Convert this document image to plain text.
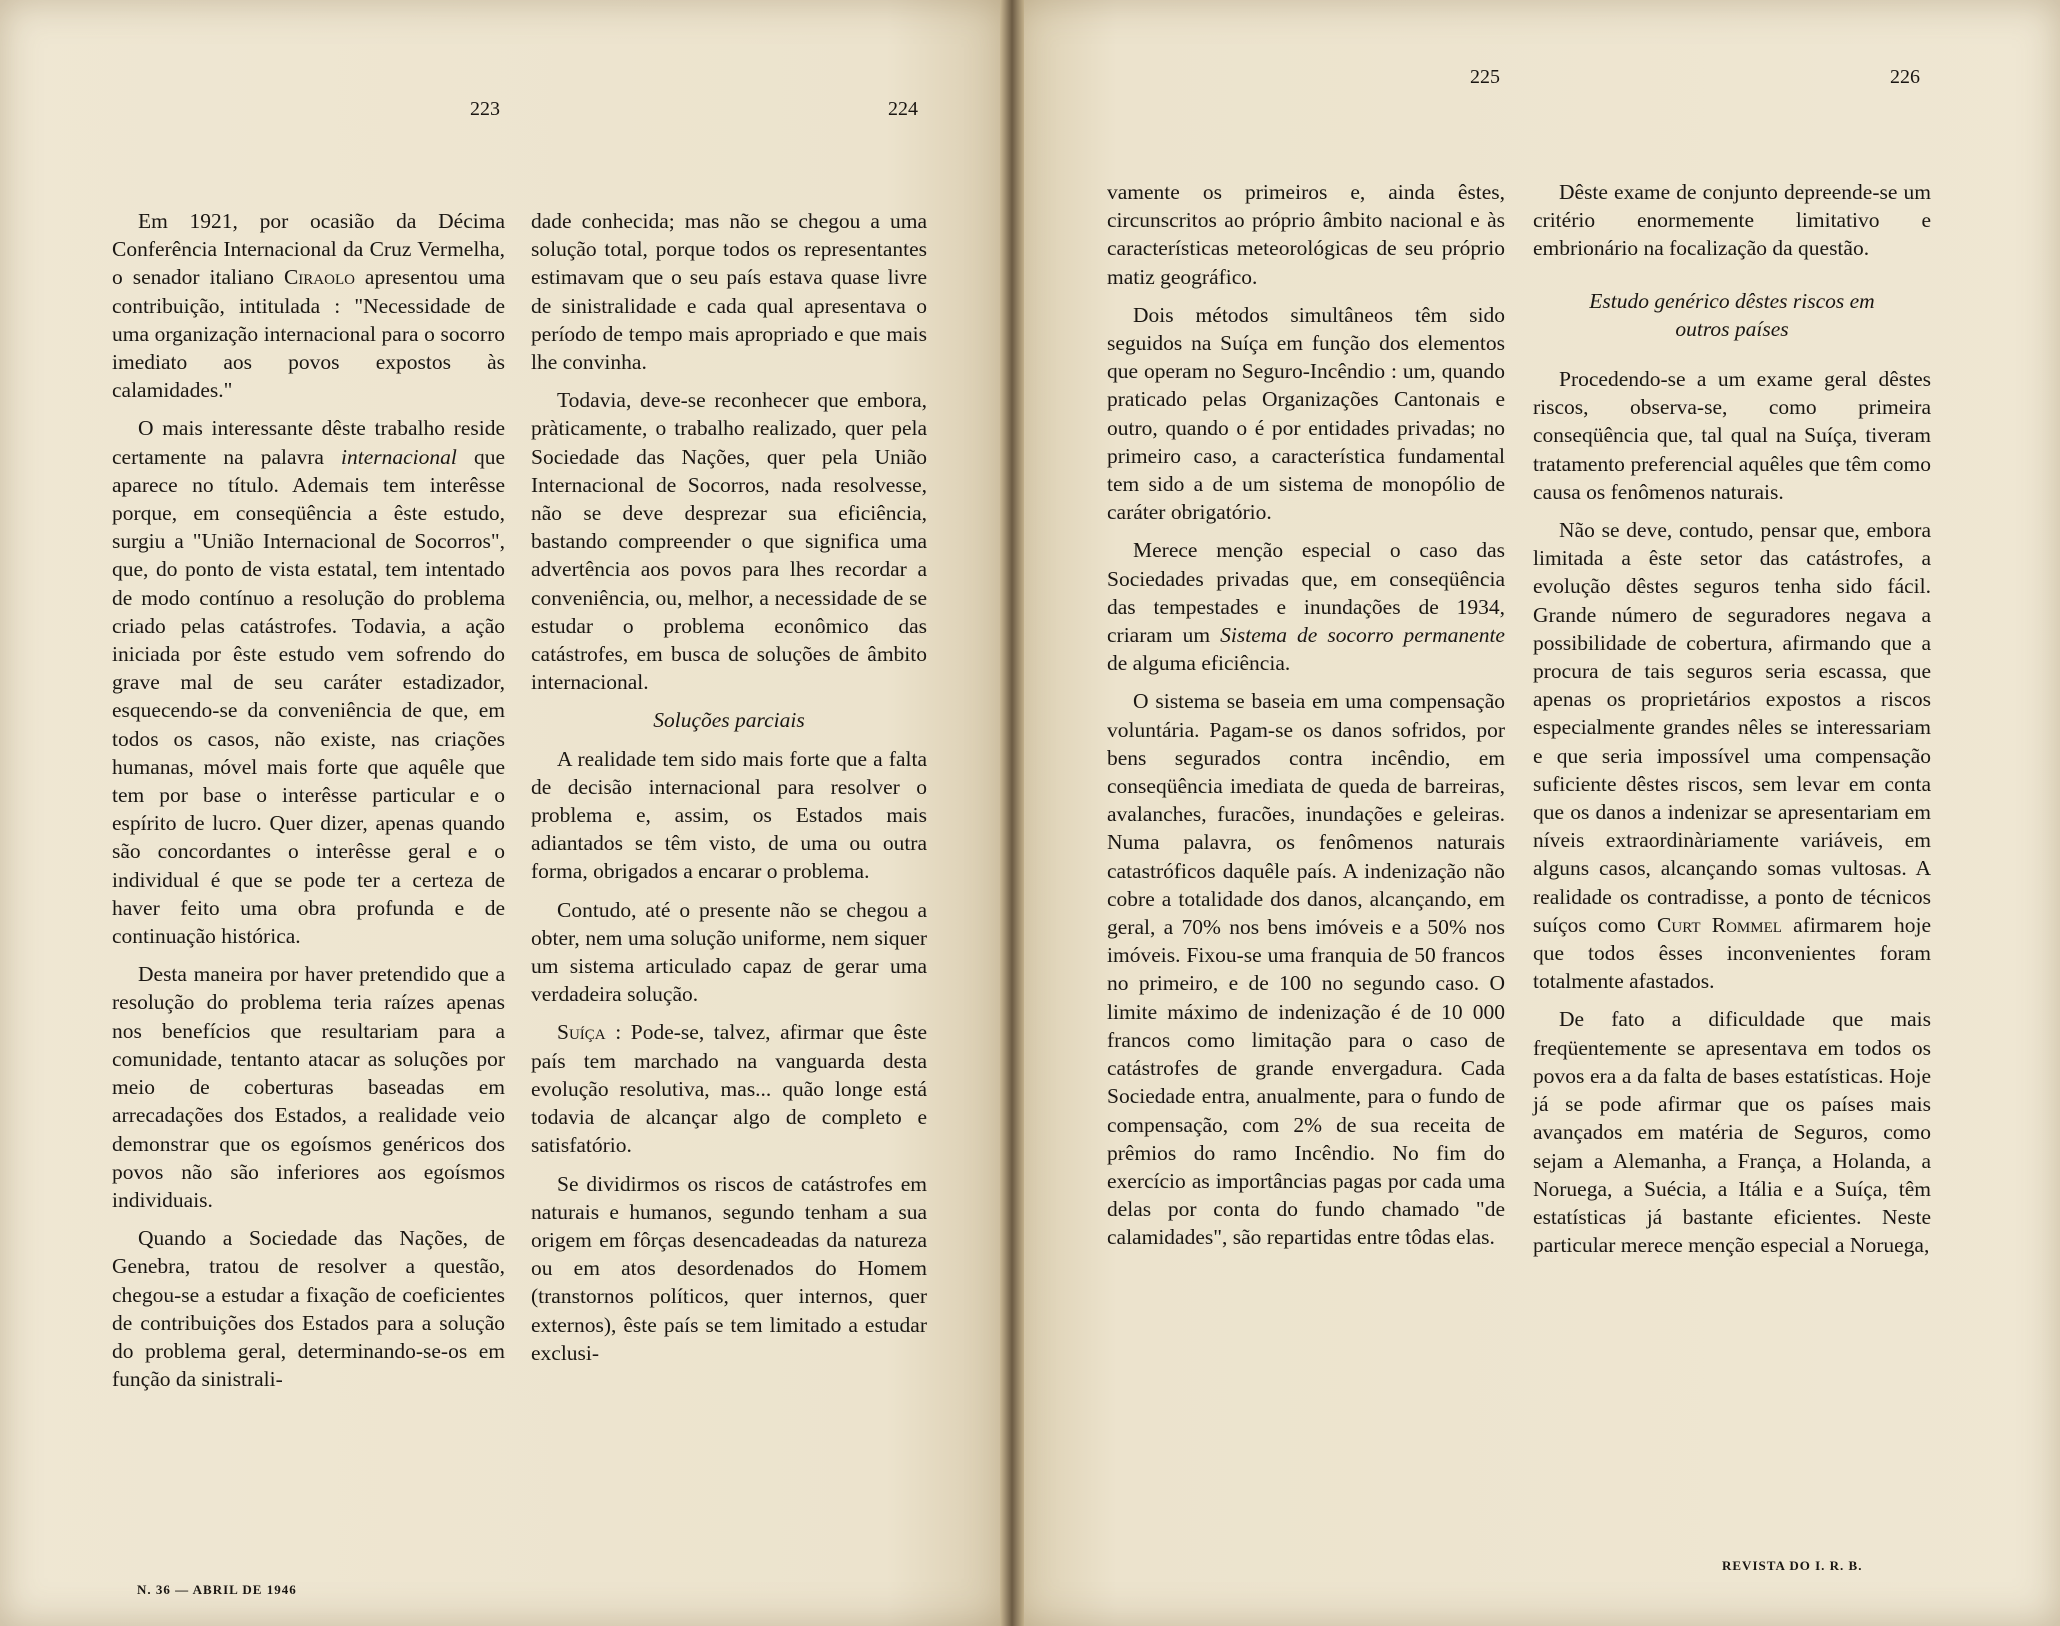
223	224
225	226

Em 1921, por ocasião da Décima Conferência Internacional da Cruz Vermelha, o senador italiano Ciraolo apresentou uma contribuição, intitulada : "Necessidade de uma organização internacional para o socorro imediato aos povos expostos às calamidades."

O mais interessante dêste trabalho reside certamente na palavra internacional que aparece no título. Ademais tem interêsse porque, em conseqüência a êste estudo, surgiu a "União Internacional de Socorros", que, do ponto de vista estatal, tem intentado de modo contínuo a resolução do problema criado pelas catástrofes. Todavia, a ação iniciada por êste estudo vem sofrendo do grave mal de seu caráter estadizador, esquecendo-se da conveniência de que, em todos os casos, não existe, nas criações humanas, móvel mais forte que aquêle que tem por base o interêsse particular e o espírito de lucro. Quer dizer, apenas quando são concordantes o interêsse geral e o individual é que se pode ter a certeza de haver feito uma obra profunda e de continuação histórica.

Desta maneira por haver pretendido que a resolução do problema teria raízes apenas nos benefícios que resultariam para a comunidade, tentanto atacar as soluções por meio de coberturas baseadas em arrecadações dos Estados, a realidade veio demonstrar que os egoísmos genéricos dos povos não são inferiores aos egoísmos individuais.

Quando a Sociedade das Nações, de Genebra, tratou de resolver a questão, chegou-se a estudar a fixação de coeficientes de contribuições dos Estados para a solução do problema geral, determinando-se-os em função da sinistrali-

dade conhecida; mas não se chegou a uma solução total, porque todos os representantes estimavam que o seu país estava quase livre de sinistralidade e cada qual apresentava o período de tempo mais apropriado e que mais lhe convinha.

Todavia, deve-se reconhecer que embora, pràticamente, o trabalho realizado, quer pela Sociedade das Nações, quer pela União Internacional de Socorros, nada resolvesse, não se deve desprezar sua eficiência, bastando compreender o que significa uma advertência aos povos para lhes recordar a conveniência, ou, melhor, a necessidade de se estudar o problema econômico das catástrofes, em busca de soluções de âmbito internacional.

Soluções parciais

A realidade tem sido mais forte que a falta de decisão internacional para resolver o problema e, assim, os Estados mais adiantados se têm visto, de uma ou outra forma, obrigados a encarar o problema.

Contudo, até o presente não se chegou a obter, nem uma solução uniforme, nem siquer um sistema articulado capaz de gerar uma verdadeira solução.

Suíça : Pode-se, talvez, afirmar que êste país tem marchado na vanguarda desta evolução resolutiva, mas... quão longe está todavia de alcançar algo de completo e satisfatório.

Se dividirmos os riscos de catástrofes em naturais e humanos, segundo tenham a sua origem em fôrças desencadeadas da natureza ou em atos desordenados do Homem (transtornos políticos, quer internos, quer externos), êste país se tem limitado a estudar exclusi-

vamente os primeiros e, ainda êstes, circunscritos ao próprio âmbito nacional e às características meteorológicas de seu próprio matiz geográfico.

Dois métodos simultâneos têm sido seguidos na Suíça em função dos elementos que operam no Seguro-Incêndio : um, quando praticado pelas Organizações Cantonais e outro, quando o é por entidades privadas; no primeiro caso, a característica fundamental tem sido a de um sistema de monopólio de caráter obrigatório.

Merece menção especial o caso das Sociedades privadas que, em conseqüência das tempestades e inundações de 1934, criaram um Sistema de socorro permanente de alguma eficiência.

O sistema se baseia em uma compensação voluntária. Pagam-se os danos sofridos, por bens segurados contra incêndio, em conseqüência imediata de queda de barreiras, avalanches, furacões, inundações e geleiras. Numa palavra, os fenômenos naturais catastróficos daquêle país. A indenização não cobre a totalidade dos danos, alcançando, em geral, a 70% nos bens imóveis e a 50% nos imóveis. Fixou-se uma franquia de 50 francos no primeiro, e de 100 no segundo caso. O limite máximo de indenização é de 10 000 francos como limitação para o caso de catástrofes de grande envergadura. Cada Sociedade entra, anualmente, para o fundo de compensação, com 2% de sua receita de prêmios do ramo Incêndio. No fim do exercício as importâncias pagas por cada uma delas por conta do fundo chamado "de calamidades", são repartidas entre tôdas elas.

Dêste exame de conjunto depreende-se um critério enormemente limitativo e embrionário na focalização da questão.

Estudo genérico dêstes riscos em outros países

Procedendo-se a um exame geral dêstes riscos, observa-se, como primeira conseqüência que, tal qual na Suíça, tiveram tratamento preferencial aquêles que têm como causa os fenômenos naturais.

Não se deve, contudo, pensar que, embora limitada a êste setor das catástrofes, a evolução dêstes seguros tenha sido fácil. Grande número de seguradores negava a possibilidade de cobertura, afirmando que a procura de tais seguros seria escassa, que apenas os proprietários expostos a riscos especialmente grandes nêles se interessariam e que seria impossível uma compensação suficiente dêstes riscos, sem levar em conta que os danos a indenizar se apresentariam em níveis extraordinàriamente variáveis, em alguns casos, alcançando somas vultosas. A realidade os contradisse, a ponto de técnicos suíços como Curt Rommel afirmarem hoje que todos êsses inconvenientes foram totalmente afastados.

De fato a dificuldade que mais freqüentemente se apresentava em todos os povos era a da falta de bases estatísticas. Hoje já se pode afirmar que os países mais avançados em matéria de Seguros, como sejam a Alemanha, a França, a Holanda, a Noruega, a Suécia, a Itália e a Suíça, têm estatísticas já bastante eficientes. Neste particular merece menção especial a Noruega,

N. 36 — ABRIL DE 1946
REVISTA DO I. R. B.
